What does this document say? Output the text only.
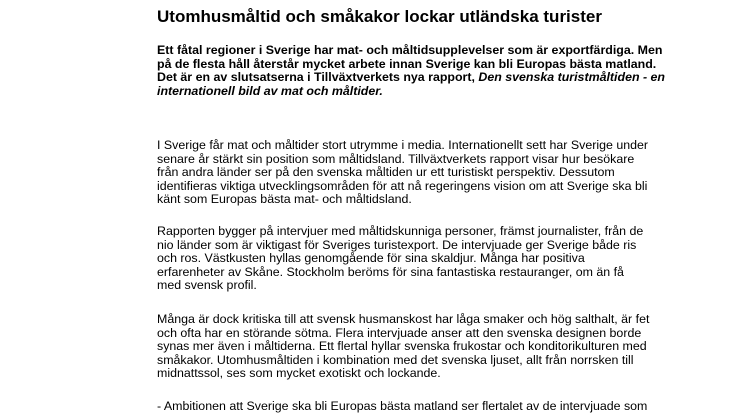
Utomhusmåltid och småkakor lockar utländska turister

Ett fåtal regioner i Sverige har mat- och måltidsupplevelser som är exportfärdiga. Men på de flesta håll återstår mycket arbete innan Sverige kan bli Europas bästa matland. Det är en av slutsatserna i Tillväxtverkets nya rapport, Den svenska turistmåltiden - en internationell bild av mat och måltider.

I Sverige får mat och måltider stort utrymme i media. Internationellt sett har Sverige under
senare år stärkt sin position som måltidsland. Tillväxtverkets rapport visar hur besökare
från andra länder ser på den svenska måltiden ur ett turistiskt perspektiv. Dessutom
identifieras viktiga utvecklingsområden för att nå regeringens vision om att Sverige ska bli
känt som Europas bästa mat- och måltidsland.

Rapporten bygger på intervjuer med måltidskunniga personer, främst journalister, från de
nio länder som är viktigast för Sveriges turistexport. De intervjuade ger Sverige både ris
och ros. Västkusten hyllas genomgående för sina skaldjur. Många har positiva
erfarenheter av Skåne. Stockholm beröms för sina fantastiska restauranger, om än få
med svensk profil.

Många är dock kritiska till att svensk husmanskost har låga smaker och hög salthalt, är fet
och ofta har en störande sötma. Flera intervjuade anser att den svenska designen borde
synas mer även i måltiderna. Ett flertal hyllar svenska frukostar och konditorikulturen med
småkakor. Utomhusmåltiden i kombination med det svenska ljuset, allt från norrsken till
midnattssol, ses som mycket exotiskt och lockande.

- Ambitionen att Sverige ska bli Europas bästa matland ser flertalet av de intervjuade som
